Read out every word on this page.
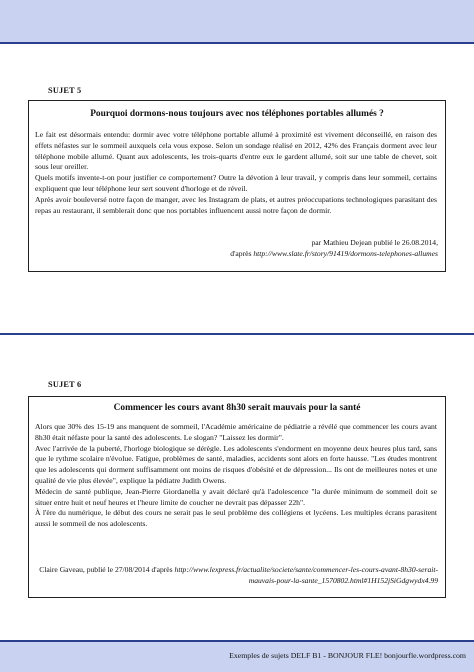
SUJET 5
Pourquoi dormons-nous toujours avec nos téléphones portables allumés ?

Le fait est désormais entendu: dormir avec votre téléphone portable allumé à proximité est vivement déconseillé, en raison des effets néfastes sur le sommeil auxquels cela vous expose. Selon un sondage réalisé en 2012, 42% des Français dorment avec leur téléphone mobile allumé. Quant aux adolescents, les trois-quarts d'entre eux le gardent allumé, soit sur une table de chevet, soit sous leur oreiller.

Quels motifs invente-t-on pour justifier ce comportement? Outre la dévotion à leur travail, y compris dans leur sommeil, certains expliquent que leur téléphone leur sert souvent d'horloge et de réveil.

Après avoir bouleversé notre façon de manger, avec les Instagram de plats, et autres préoccupations technologiques parasitant des repas au restaurant, il semblerait donc que nos portables influencent aussi notre façon de dormir.

par Mathieu Dejean publié le 26.08.2014,
d'après http://www.slate.fr/story/91419/dormons-telephones-allumes
SUJET 6
Commencer les cours avant 8h30 serait mauvais pour la santé

Alors que 30% des 15-19 ans manquent de sommeil, l'Académie américaine de pédiatrie a révélé que commencer les cours avant 8h30 était néfaste pour la santé des adolescents. Le slogan? "Laissez les dormir".

Avec l'arrivée de la puberté, l'horloge biologique se dérègle. Les adolescents s'endorment en moyenne deux heures plus tard, sans que le rythme scolaire n'évolue. Fatigue, problèmes de santé, maladies, accidents sont alors en forte hausse. "Les études montrent que les adolescents qui dorment suffisamment ont moins de risques d'obésité et de dépression... Ils ont de meilleures notes et une qualité de vie plus élevée", explique la pédiatre Judith Owens.

Médecin de santé publique, Jean-Pierre Giordanella y avait déclaré qu'à l'adolescence "la durée minimum de sommeil doit se situer entre huit et neuf heures et l'heure limite de coucher ne devrait pas dépasser 22h".

À l'ère du numérique, le début des cours ne serait pas le seul problème des collégiens et lycéens. Les multiples écrans parasitent aussi le sommeil de nos adolescents.

Claire Gaveau, publié le 27/08/2014 d'après http://www.lexpress.fr/actualite/societe/sante/commencer-les-cours-avant-8h30-serait-mauvais-pour-la-sante_1570802.html#1H152jSiGdgwydx4.99
Exemples de sujets DELF B1 - BONJOUR FLE! bonjourfle.wordpress.com
